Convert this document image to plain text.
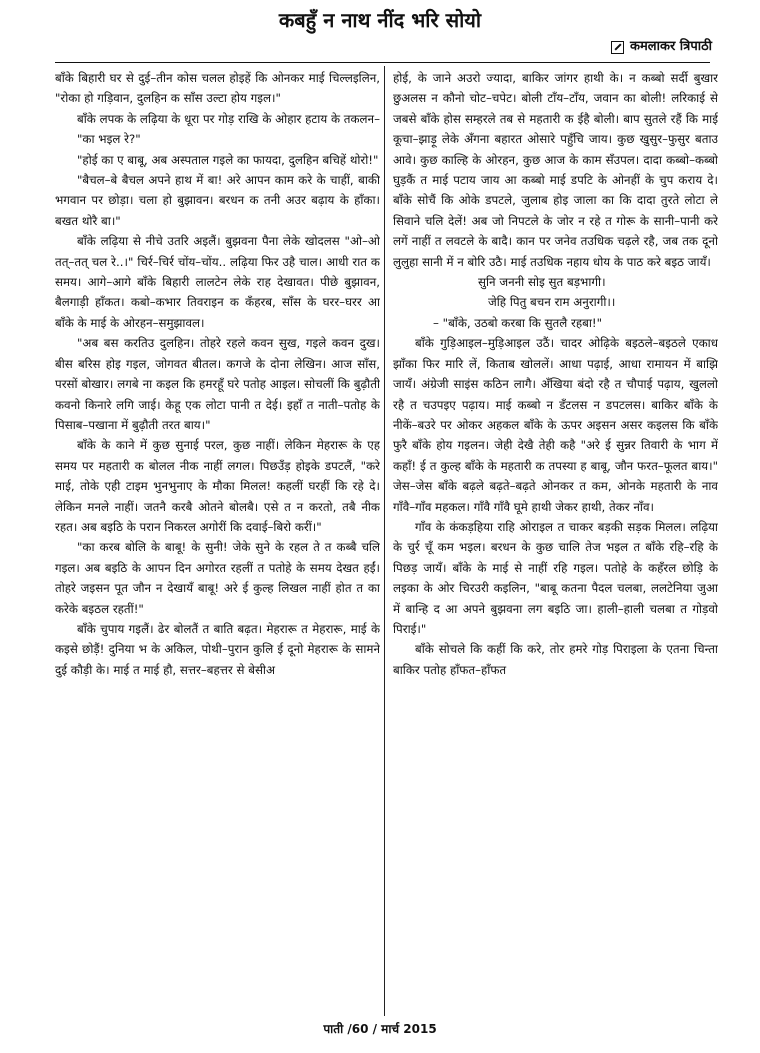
कबहुँ न नाथ नींद भरि सोयो
कमलाकर त्रिपाठी

बाँके बिहारी घर से दुई–तीन कोस चलल होइहें कि ओनकर माई चिल्लइलिन, "रोका हो गड़िवान, दुलहिन क साँस उल्टा होय गइल।"

बाँके लपक के लढ़िया के धूरा पर गोड़ राखि के ओहार हटाय के तकलन–

"का भइल रे?"

"होई का ए बाबू, अब अस्पताल गइले का फायदा, दुलहिन बचिहें थोरो!"

"बैचल–बे बैचल अपने हाथ में बा! अरे आपन काम करे के चाहीं, बाकी भगवान पर छोड़ा। चला हो बुझावन। बरधन क तनी अउर बढ़ाय के हाँका। बखत थोरै बा।"

बाँके लढ़िया से नीचे उतरि अइलैं। बुझवना पैना लेके खोदलस "ओ–ओ तत्–तत् चल रे..।" चिर्र–चिर्र चोंय–चोंय.. लढ़िया फिर उहै चाल। आधी रात क समय। आगे–आगे बाँके बिहारी लालटेन लेके राह देखावत। पीछे बुझावन, बैलगाड़ी हाँकत। कबो–कभार तिवराइन क कँहरब, साँस के घरर–घरर आ बाँके के माई के ओरहन–समुझावल।

"अब बस करतिउ दुलहिन। तोहरे रहले कवन सुख, गइले कवन दुख। बीस बरिस होइ गइल, जोगवत बीतल। कगजे के दोना लेखिन। आज साँस, परसों बोखार। लगबे ना कइल कि हमरहूँ घरे पतोह आइल। सोचलीं कि बुढ़ौती कवनो किनारे लगि जाई। केहू एक लोटा पानी त देई। इहाँ त नाती–पतोह के पिसाब–पखाना में बुढ़ौती तरत बाय।"

बाँके के काने में कुछ सुनाई परल, कुछ नाहीं। लेकिन मेहरारू के एह समय पर महतारी क बोलल नीक नाहीं लगल। पिछउँड़ होइके डपटलैं, "करे माई, तोके एही टाइम भुनभुनाए के मौका मिलल! कहलीं घरहीं कि रहे दे। लेकिन मनले नाहीं। जतनै करबै ओतने बोलबै। एसे त न करतो, तबै नीक रहत। अब बइठि के परान निकरल अगोरीं कि दवाई–बिरो करीं।"

"का करब बोलि के बाबू! के सुनी! जेके सुने के रहल ते त कब्बै चलि गइल। अब बइठि के आपन दिन अगोरत रहलीं त पतोहे के समय देखत हईं। तोहरे जइसन पूत जौन न देखायँ बाबू! अरे ई कुल्ह लिखल नाहीं होत त का करेके बइठल रहतीं!"

बाँके चुपाय गइलैं। ढेर बोलतैं त बाति बढ़त। मेहरारू त मेहरारू, माई के कइसे छोड़ैं! दुनिया भ के अकिल, पोथी–पुरान कुलि ई दूनो मेहरारू के सामने दुई कौड़ी के। माई त माई हौ, सत्तर–बहत्तर से बेसीअ

होई, के जाने अउरो ज्यादा, बाकिर जांगर हाथी के। न कब्बो सर्दी बुखार छुअलस न कौनो चोट–चपेट। बोली टाँय–टाँय, जवान का बोली! लरिकाई से जबसे बाँके होस सम्हरले तब से महतारी क ईहै बोली। बाप सुतले रहैं कि माई कूचा–झाड़ू लेके अँगना बहारत ओसारे पहुँचि जाय। कुछ खुसुर–फुसुर बताउ आवे। कुछ काल्हि के ओरहन, कुछ आज के काम सँउपल। दादा कब्बो–कब्बो घुड़कैं त माई पटाय जाय आ कब्बो माई डपटि के ओनहीं के चुप कराय दे। बाँके सोचैं कि ओके डपटले, जुलाब होइ जाला का कि दादा तुरते लोटा ले सिवाने चलि देलें! अब जो निपटले के जोर न रहे त गोरू के सानी–पानी करे लगें नाहीं त लवटले के बादै। कान पर जनेव तउधिक चढ़ले रहै, जब तक दूनो लुलुहा सानी में न बोरि उठै। माई तउधिक नहाय धोय के पाठ करे बइठ जायँ।

सुनि जननी सोइ सुत बड़भागी।

जेहि पितु बचन राम अनुरागी।।

– "बाँके, उठबो करबा कि सुतलै रहबा!"

बाँके गुड़िआइल–मुड़िआइल उठैं। चादर ओढ़िके बइठले–बइठले एकाध झाँका फिर मारि लें, किताब खोललें। आधा पढ़ाई, आधा रामायन में बाझि जायँ। अंग्रेजी साइंस कठिन लागै। अँखिया बंदो रहै त चौपाई पढ़ाय, खुललो रहै त चउपइए पढ़ाय। माई कब्बो न डँटलस न डपटलस। बाकिर बाँके के नीकें–बउरे पर ओकर अहकल बाँके के ऊपर अइसन असर कइलस कि बाँके फुरै बाँके होय गइलन। जेही देखै तेही कहै "अरे ई सुन्नर तिवारी के भाग में कहाँ! ई त कुल्ह बाँके के महतारी क तपस्या ह बाबू, जौन फरत–फूलत बाय।" जेस–जेस बाँके बढ़ले बढ़ते–बढ़ते ओनकर त कम, ओनके महतारी के नाव गाँवै–गाँव महकल। गाँवै गाँवै घूमे हाथी जेकर हाथी, तेकर नाँव।

गाँव के कंकड़हिया राहि ओराइल त चाकर बड़की सड़क मिलल। लढ़िया के चुर्र चूँ कम भइल। बरधन के कुछ चालि तेज भइल त बाँके रहि–रहि के पिछड़ जायँ। बाँके के माई से नाहीं रहि गइल। पतोहे के कहँरल छोड़ि के लइका के ओर चिरउरी कइलिन, "बाबू कतना पैदल चलबा, ललटेनिया जुआ में बान्हि द आ अपने बुझवना लग बइठि जा। हाली–हाली चलबा त गोड़वो पिराई।"

बाँके सोचले कि कहीं कि करे, तोर हमरे गोड़ पिराइला के एतना चिन्ता बाकिर पतोह हाँफत–हाँफत

पाती /60 / मार्च 2015
